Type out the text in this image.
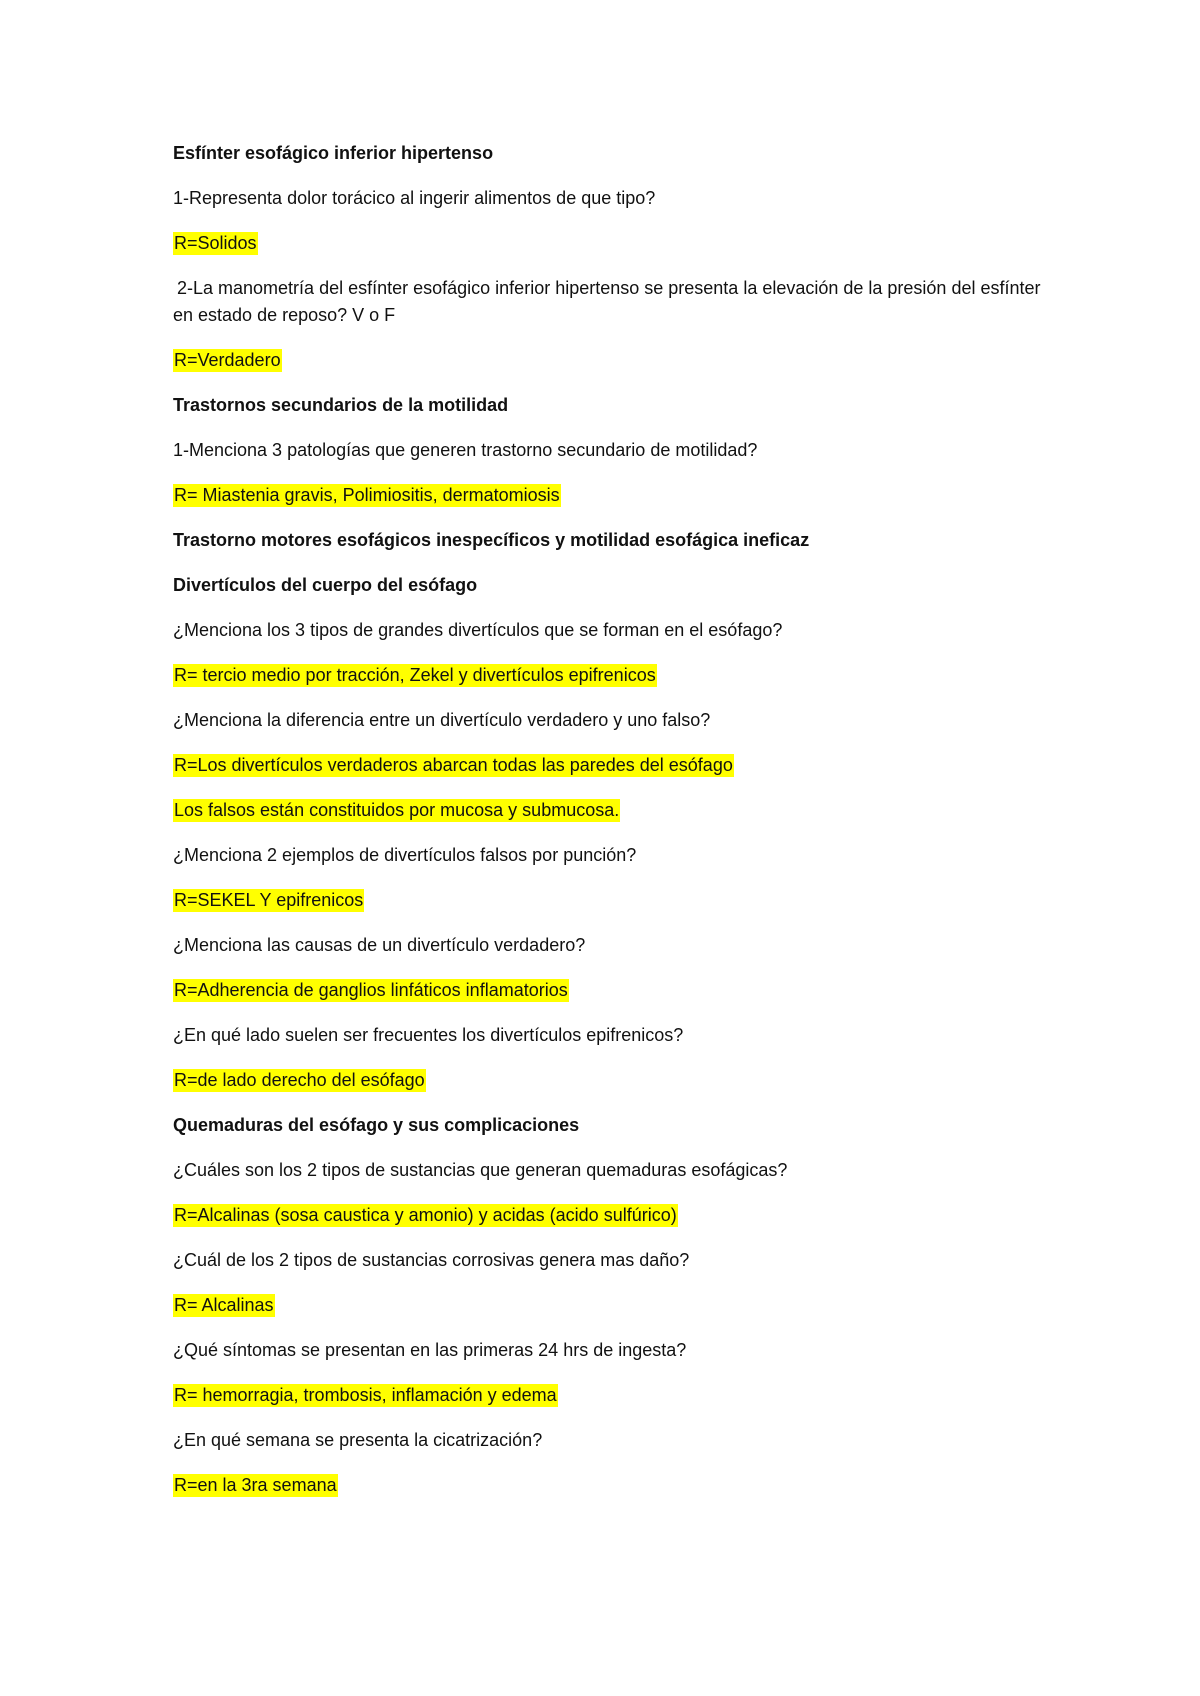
Esfínter esofágico inferior hipertenso
1-Representa dolor torácico al ingerir alimentos de que tipo?
R=Solidos
2-La manometría del esfínter esofágico inferior hipertenso se presenta la elevación de la presión del esfínter en estado de reposo? V o F
R=Verdadero
Trastornos secundarios de la motilidad
1-Menciona 3 patologías que generen trastorno secundario de motilidad?
R= Miastenia gravis, Polimiositis, dermatomiosis
Trastorno motores esofágicos inespecíficos y motilidad esofágica ineficaz
Divertículos del cuerpo del esófago
¿Menciona los 3 tipos de grandes divertículos que se forman en el esófago?
R= tercio medio por tracción, Zekel y divertículos epifrenicos
¿Menciona la diferencia entre un divertículo verdadero y uno falso?
R=Los divertículos verdaderos abarcan todas las paredes del esófago
Los falsos están constituidos por mucosa y submucosa.
¿Menciona 2 ejemplos de divertículos falsos por punción?
R=SEKEL Y epifrenicos
¿Menciona las causas de un divertículo verdadero?
R=Adherencia de ganglios linfáticos inflamatorios
¿En qué lado suelen ser frecuentes los divertículos epifrenicos?
R=de lado derecho del esófago
Quemaduras del esófago y sus complicaciones
¿Cuáles son los 2 tipos de sustancias que generan quemaduras esofágicas?
R=Alcalinas (sosa caustica y amonio) y acidas (acido sulfúrico)
¿Cuál de los 2 tipos de sustancias corrosivas genera mas daño?
R= Alcalinas
¿Qué síntomas se presentan en las primeras 24 hrs de ingesta?
R= hemorragia, trombosis, inflamación y edema
¿En qué semana se presenta la cicatrización?
R=en la 3ra semana
